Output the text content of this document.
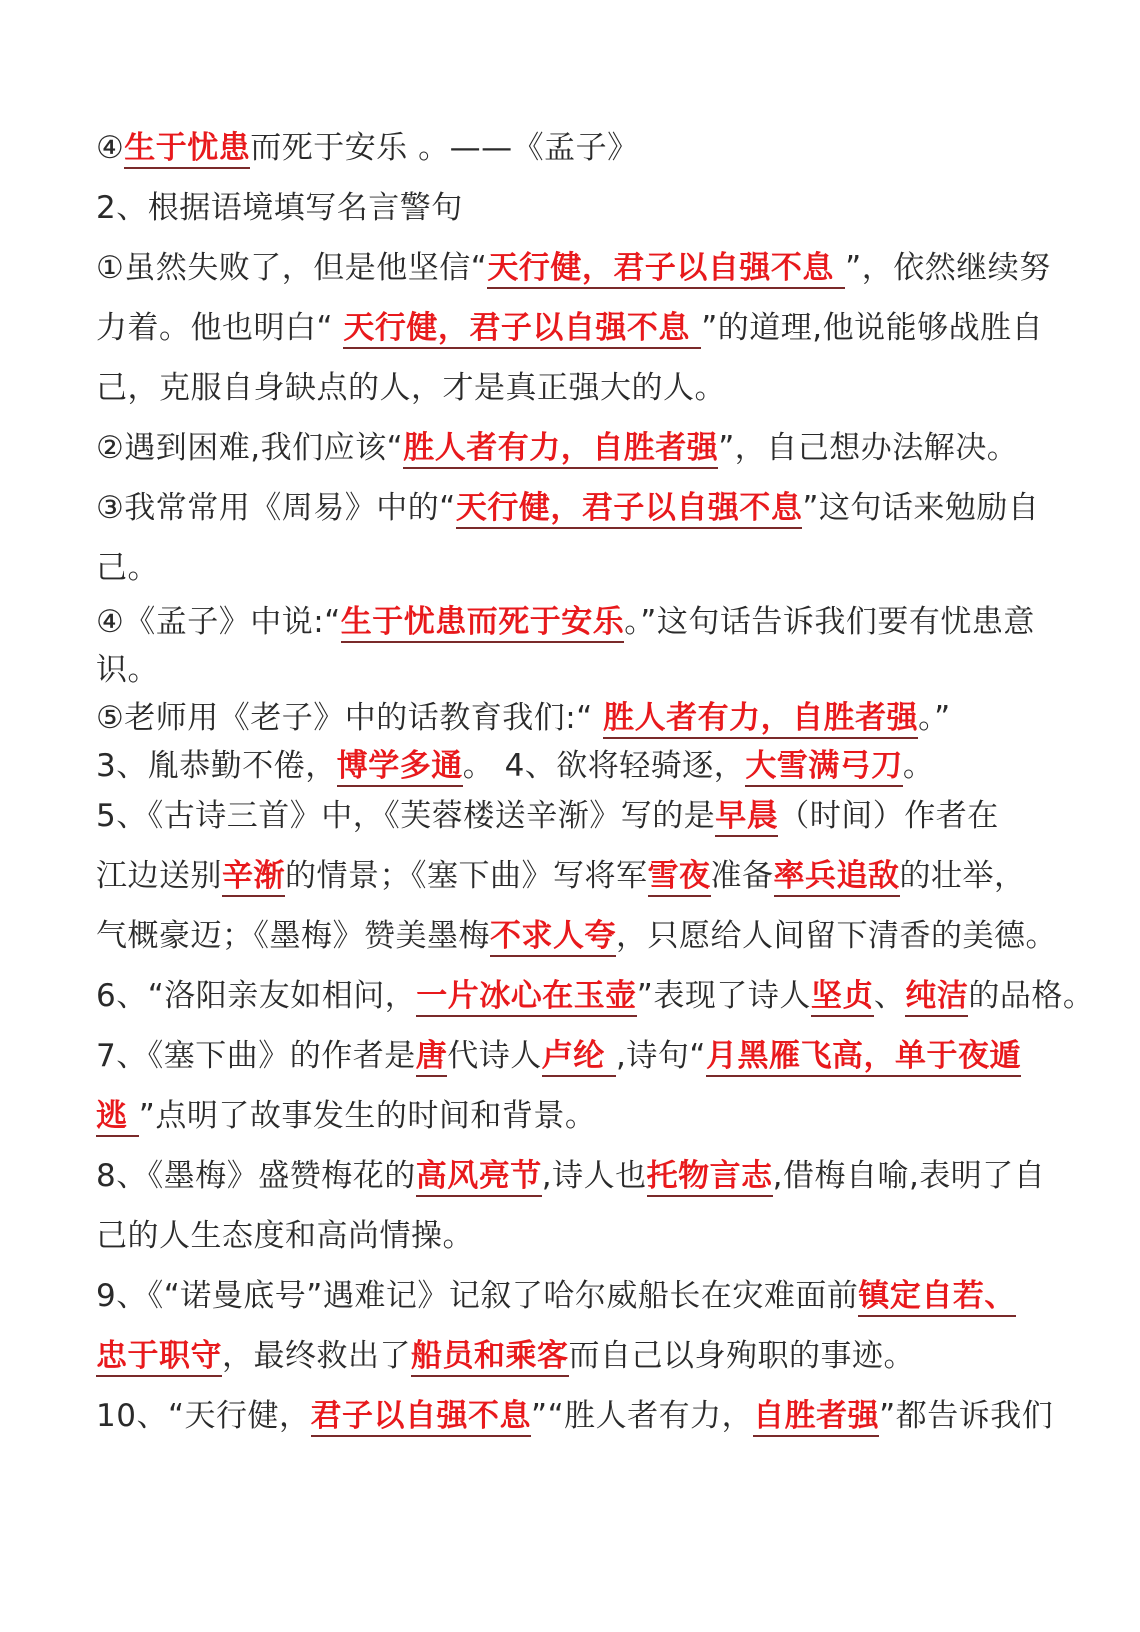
④生于忧患而死于安乐 。——《孟子》
2、根据语境填写名言警句
①虽然失败了，但是他坚信“天行健，君子以自强不息 ”，依然继续努
力着。他也明白“ 天行健，君子以自强不息 ”的道理,他说能够战胜自
己，克服自身缺点的人，才是真正强大的人。
②遇到困难,我们应该“胜人者有力，自胜者强”，自己想办法解决。
③我常常用《周易》中的“天行健，君子以自强不息”这句话来勉励自
己。
④《孟子》中说:“生于忧患而死于安乐。”这句话告诉我们要有忧患意
识。
⑤老师用《老子》中的话教育我们:“ 胜人者有力，自胜者强。”
3、胤恭勤不倦，博学多通。 4、欲将轻骑逐，大雪满弓刀。
5、《古诗三首》中，《芙蓉楼送辛渐》写的是早晨（时间）作者在
江边送别辛渐的情景；《塞下曲》写将军雪夜准备率兵追敌的壮举，
气概豪迈；《墨梅》赞美墨梅不求人夸，只愿给人间留下清香的美德。
6、“洛阳亲友如相问，一片冰心在玉壶”表现了诗人坚贞、纯洁的品格。
7、《塞下曲》的作者是唐代诗人卢纶 ,诗句“月黑雁飞高，单于夜遁
逃 ”点明了故事发生的时间和背景。
8、《墨梅》盛赞梅花的高风亮节,诗人也托物言志,借梅自喻,表明了自
己的人生态度和高尚情操。
9、《“诺曼底号”遇难记》记叙了哈尔威船长在灾难面前镇定自若、
忠于职守，最终救出了船员和乘客而自己以身殉职的事迹。
10、“天行健，君子以自强不息”“胜人者有力，自胜者强”都告诉我们
